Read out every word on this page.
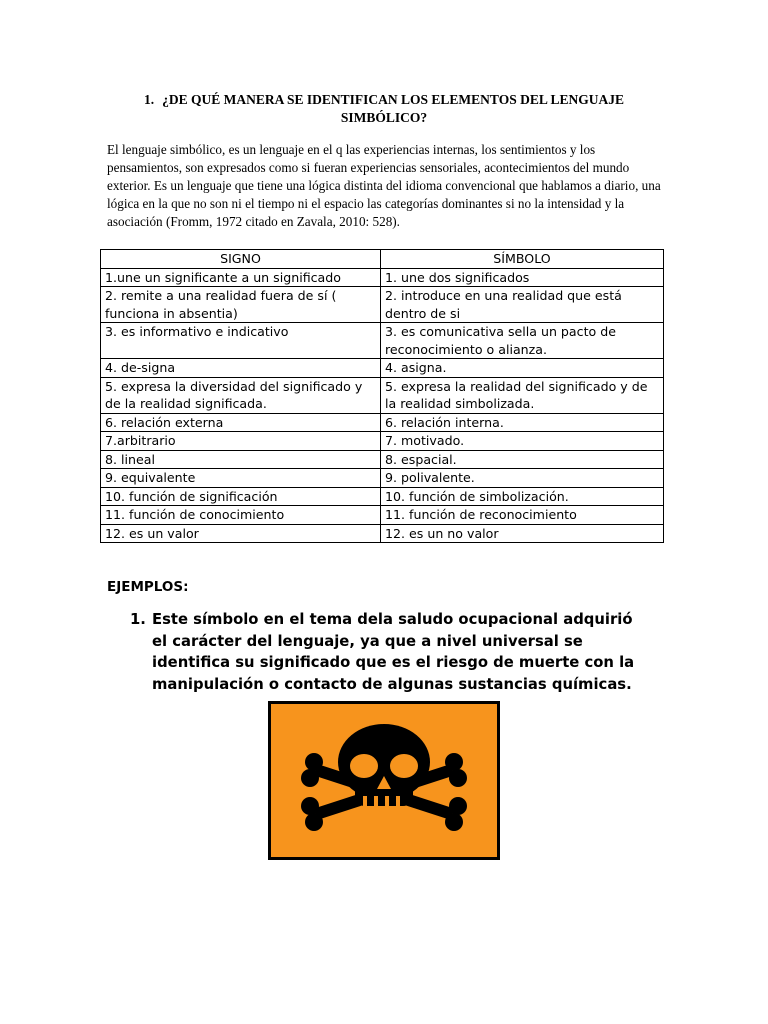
1. ¿DE QUÉ MANERA SE IDENTIFICAN LOS ELEMENTOS DEL LENGUAJE SIMBÓLICO?

El lenguaje simbólico, es un lenguaje en el q las experiencias internas, los sentimientos y los pensamientos, son expresados como si fueran experiencias sensoriales, acontecimientos del mundo exterior. Es un lenguaje que tiene una lógica distinta del idioma convencional que hablamos a diario, una lógica en la que no son ni el tiempo ni el espacio las categorías dominantes si no la intensidad y la asociación (Fromm, 1972 citado en Zavala, 2010: 528).

SIGNO	SÍMBOLO
1.une un significante a un significado	1. une dos significados
2. remite a una realidad fuera de sí ( funciona in absentia)	2. introduce en una realidad que está dentro de si
3. es informativo e indicativo	3. es comunicativa sella un pacto de reconocimiento o alianza.
4. de-signa	4. asigna.
5. expresa la diversidad del significado y de la realidad significada.	5. expresa la realidad del significado y de la realidad simbolizada.
6. relación externa	6. relación interna.
7.arbitrario	7. motivado.
8. lineal	8. espacial.
9. equivalente	9. polivalente.
10. función de significación	10. función de simbolización.
11. función de conocimiento	11. función de reconocimiento
12. es un valor	12. es un no valor
EJEMPLOS:
1. Este símbolo en el tema dela saludo ocupacional adquirió el carácter del lenguaje, ya que a nivel universal se identifica su significado que es el riesgo de muerte con la manipulación o contacto de algunas sustancias químicas.
